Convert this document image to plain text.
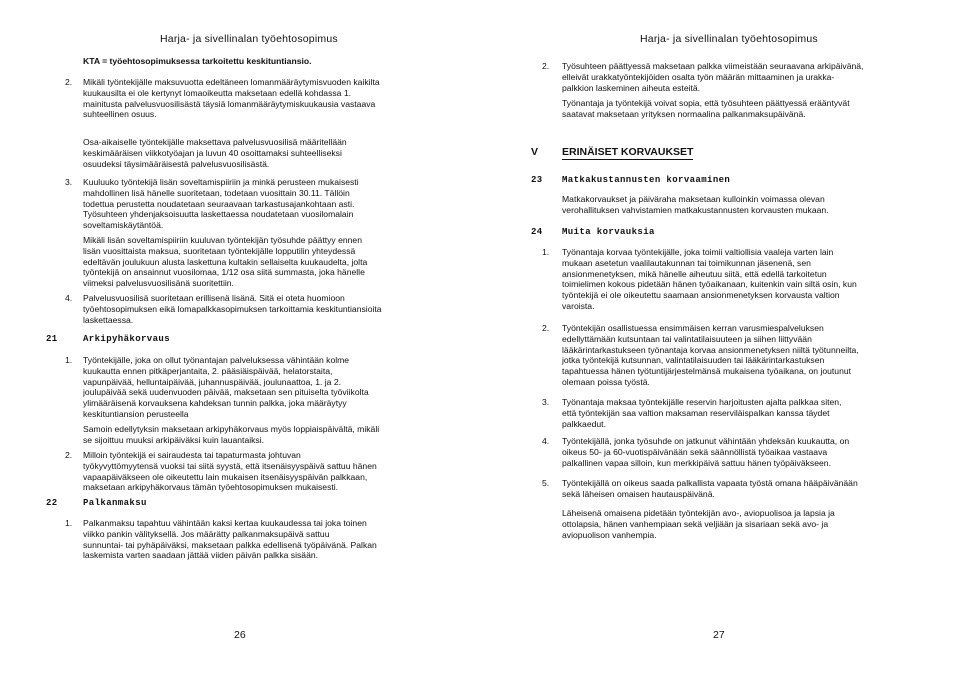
Harja- ja sivellinalan työehtosopimus
KTA = työehtosopimuksessa tarkoitettu keskituntiansio.
2. Mikäli työntekijälle maksuvuotta edeltäneen lomanmääräytymisvuoden kaikilta
kuukausilta ei ole kertynyt lomaoikeutta maksetaan edellä kohdassa 1.
mainitusta palvelusvuosilisästä täysiä lomanmääräytymiskuukausia vastaava
suhteellinen osuus.
Osa-aikaiselle työntekijälle maksettava palvelusvuosilisä määritellään
keskimääräisen viikkotyöajan ja luvun 40 osoittamaksi suhteelliseksi
osuudeksi täysimääräisestä palvelusvuosilisästä.
3. Kuuluuko työntekijä lisän soveltamispiiriin ja minkä perusteen mukaisesti
mahdollinen lisä hänelle suoritetaan, todetaan vuosittain 30.11. Tällöin
todettua perustetta noudatetaan seuraavaan tarkastusajankohtaan asti.
Työsuhteen yhdenjaksoisuutta laskettaessa noudatetaan vuosilomalain
soveltamiskäytäntöä.
Mikäli lisän soveltamispiiriin kuuluvan työntekijän työsuhde päättyy ennen
lisän vuosittaista maksua, suoritetaan työntekijälle lopputilin yhteydessä
edeltävän joulukuun alusta laskettuna kultakin sellaiselta kuukaudelta, jolta
työntekijä on ansainnut vuosilomaa, 1/12 osa siitä summasta, joka hänelle
viimeksi palvelusvuosilisänä suoritettiin.
4. Palvelusvuosilisä suoritetaan erillisenä lisänä. Sitä ei oteta huomioon
työehtosopimuksen eikä lomapalkkasopimuksen tarkoittamia keskituntiansioita
laskettaessa.
21	Arkipyhäkorvaus
1. Työntekijälle, joka on ollut työnantajan palveluksessa vähintään kolme
kuukautta ennen pitkäperjantaita, 2. pääsiäispäivää, helatorstaita,
vapunpäivää, helluntaipäivää, juhannuspäivää, joulunaattoa, 1. ja 2.
joulupäivää sekä uudenvuoden päivää, maksetaan sen pituiselta työviikolta
ylimääräisenä korvauksena kahdeksan tunnin palkka, joka määräytyy
keskituntiansion perusteella
Samoin edellytyksin maksetaan arkipyhäkorvaus myös loppiaispäivältä, mikäli
se sijoittuu muuksi arkipäiväksi kuin lauantaiksi.
2. Milloin työntekijä ei sairaudesta tai tapaturmasta johtuvan
työkyvyttömyytensä vuoksi tai siitä syystä, että itsenäisyyspäivä sattuu hänen
vapaapäiväkseen ole oikeutettu lain mukaisen itsenäisyyspäivän palkkaan,
maksetaan arkipyhäkorvaus tämän työehtosopimuksen mukaisesti.
22	Palkanmaksu
1. Palkanmaksu tapahtuu vähintään kaksi kertaa kuukaudessa tai joka toinen
viikko pankin välityksellä. Jos määrätty palkanmaksupäivä sattuu
sunnuntai- tai pyhäpäiväksi, maksetaan palkka edellisenä työpäivänä. Palkan
laskemista varten saadaan jättää viiden päivän palkka sisään.
26
Harja- ja sivellinalan työehtosopimus
2. Työsuhteen päättyessä maksetaan palkka viimeistään seuraavana arkipäivänä,
elleivät urakkatyöntekijöiden osalta työn määrän mittaaminen ja urakka-
palkkion laskeminen aiheuta esteitä.
Työnantaja ja työntekijä voivat sopia, että työsuhteen päättyessä erääntyvät
saatavat maksetaan yrityksen normaalina palkanmaksupäivänä.
V ERINÄISET KORVAUKSET
23 Matkakustannusten korvaaminen
Matkakorvaukset ja päiväraha maksetaan kulloinkin voimassa olevan
verohallituksen vahvistamien matkakustannusten korvausten mukaan.
24 Muita korvauksia
1. Työnantaja korvaa työntekijälle, joka toimii valtiollisia vaaleja varten lain
mukaan asetetun vaalilautakunnan tai toimikunnan jäsenenä, sen
ansionmenetyksen, mikä hänelle aiheutuu siitä, että edellä tarkoitetun
toimielimen kokous pidetään hänen työaikanaan, kuitenkin vain siltä osin, kun
työntekijä ei ole oikeutettu saamaan ansionmenetyksen korvausta valtion
varoista.
2. Työntekijän osallistuessa ensimmäisen kerran varusmiespalveluksen
edellyttämään kutsuntaan tai valintatilaisuuteen ja siihen liittyvään
lääkärintarkastukseen työnantaja korvaa ansionmenetyksen niiltä työtunneilta,
jotka työntekijä kutsunnan, valintatilaisuuden tai lääkärintarkastuksen
tapahtuessa hänen työtuntijärjestelmänsä mukaisena työaikana, on joutunut
olemaan poissa työstä.
3. Työnantaja maksaa työntekijälle reservin harjoitusten ajalta palkkaa siten,
että työntekijän saa valtion maksaman reserviläispalkan kanssa täydet
palkkaedut.
4. Työntekijällä, jonka työsuhde on jatkunut vähintään yhdeksän kuukautta, on
oikeus 50- ja 60-vuotispäivänään sekä säännöllistä työaikaa vastaava
palkallinen vapaa silloin, kun merkkipäivä sattuu hänen työpäiväkseen.
5. Työntekijällä on oikeus saada palkallista vapaata työstä omana hääpäivänään
sekä läheisen omaisen hautauspäivänä.
Läheisenä omaisena pidetään työntekijän avo-, aviopuolisoa ja lapsia ja
ottolapsia, hänen vanhempiaan sekä veljiään ja sisariaan sekä avo- ja
aviopuolison vanhempia.
27
